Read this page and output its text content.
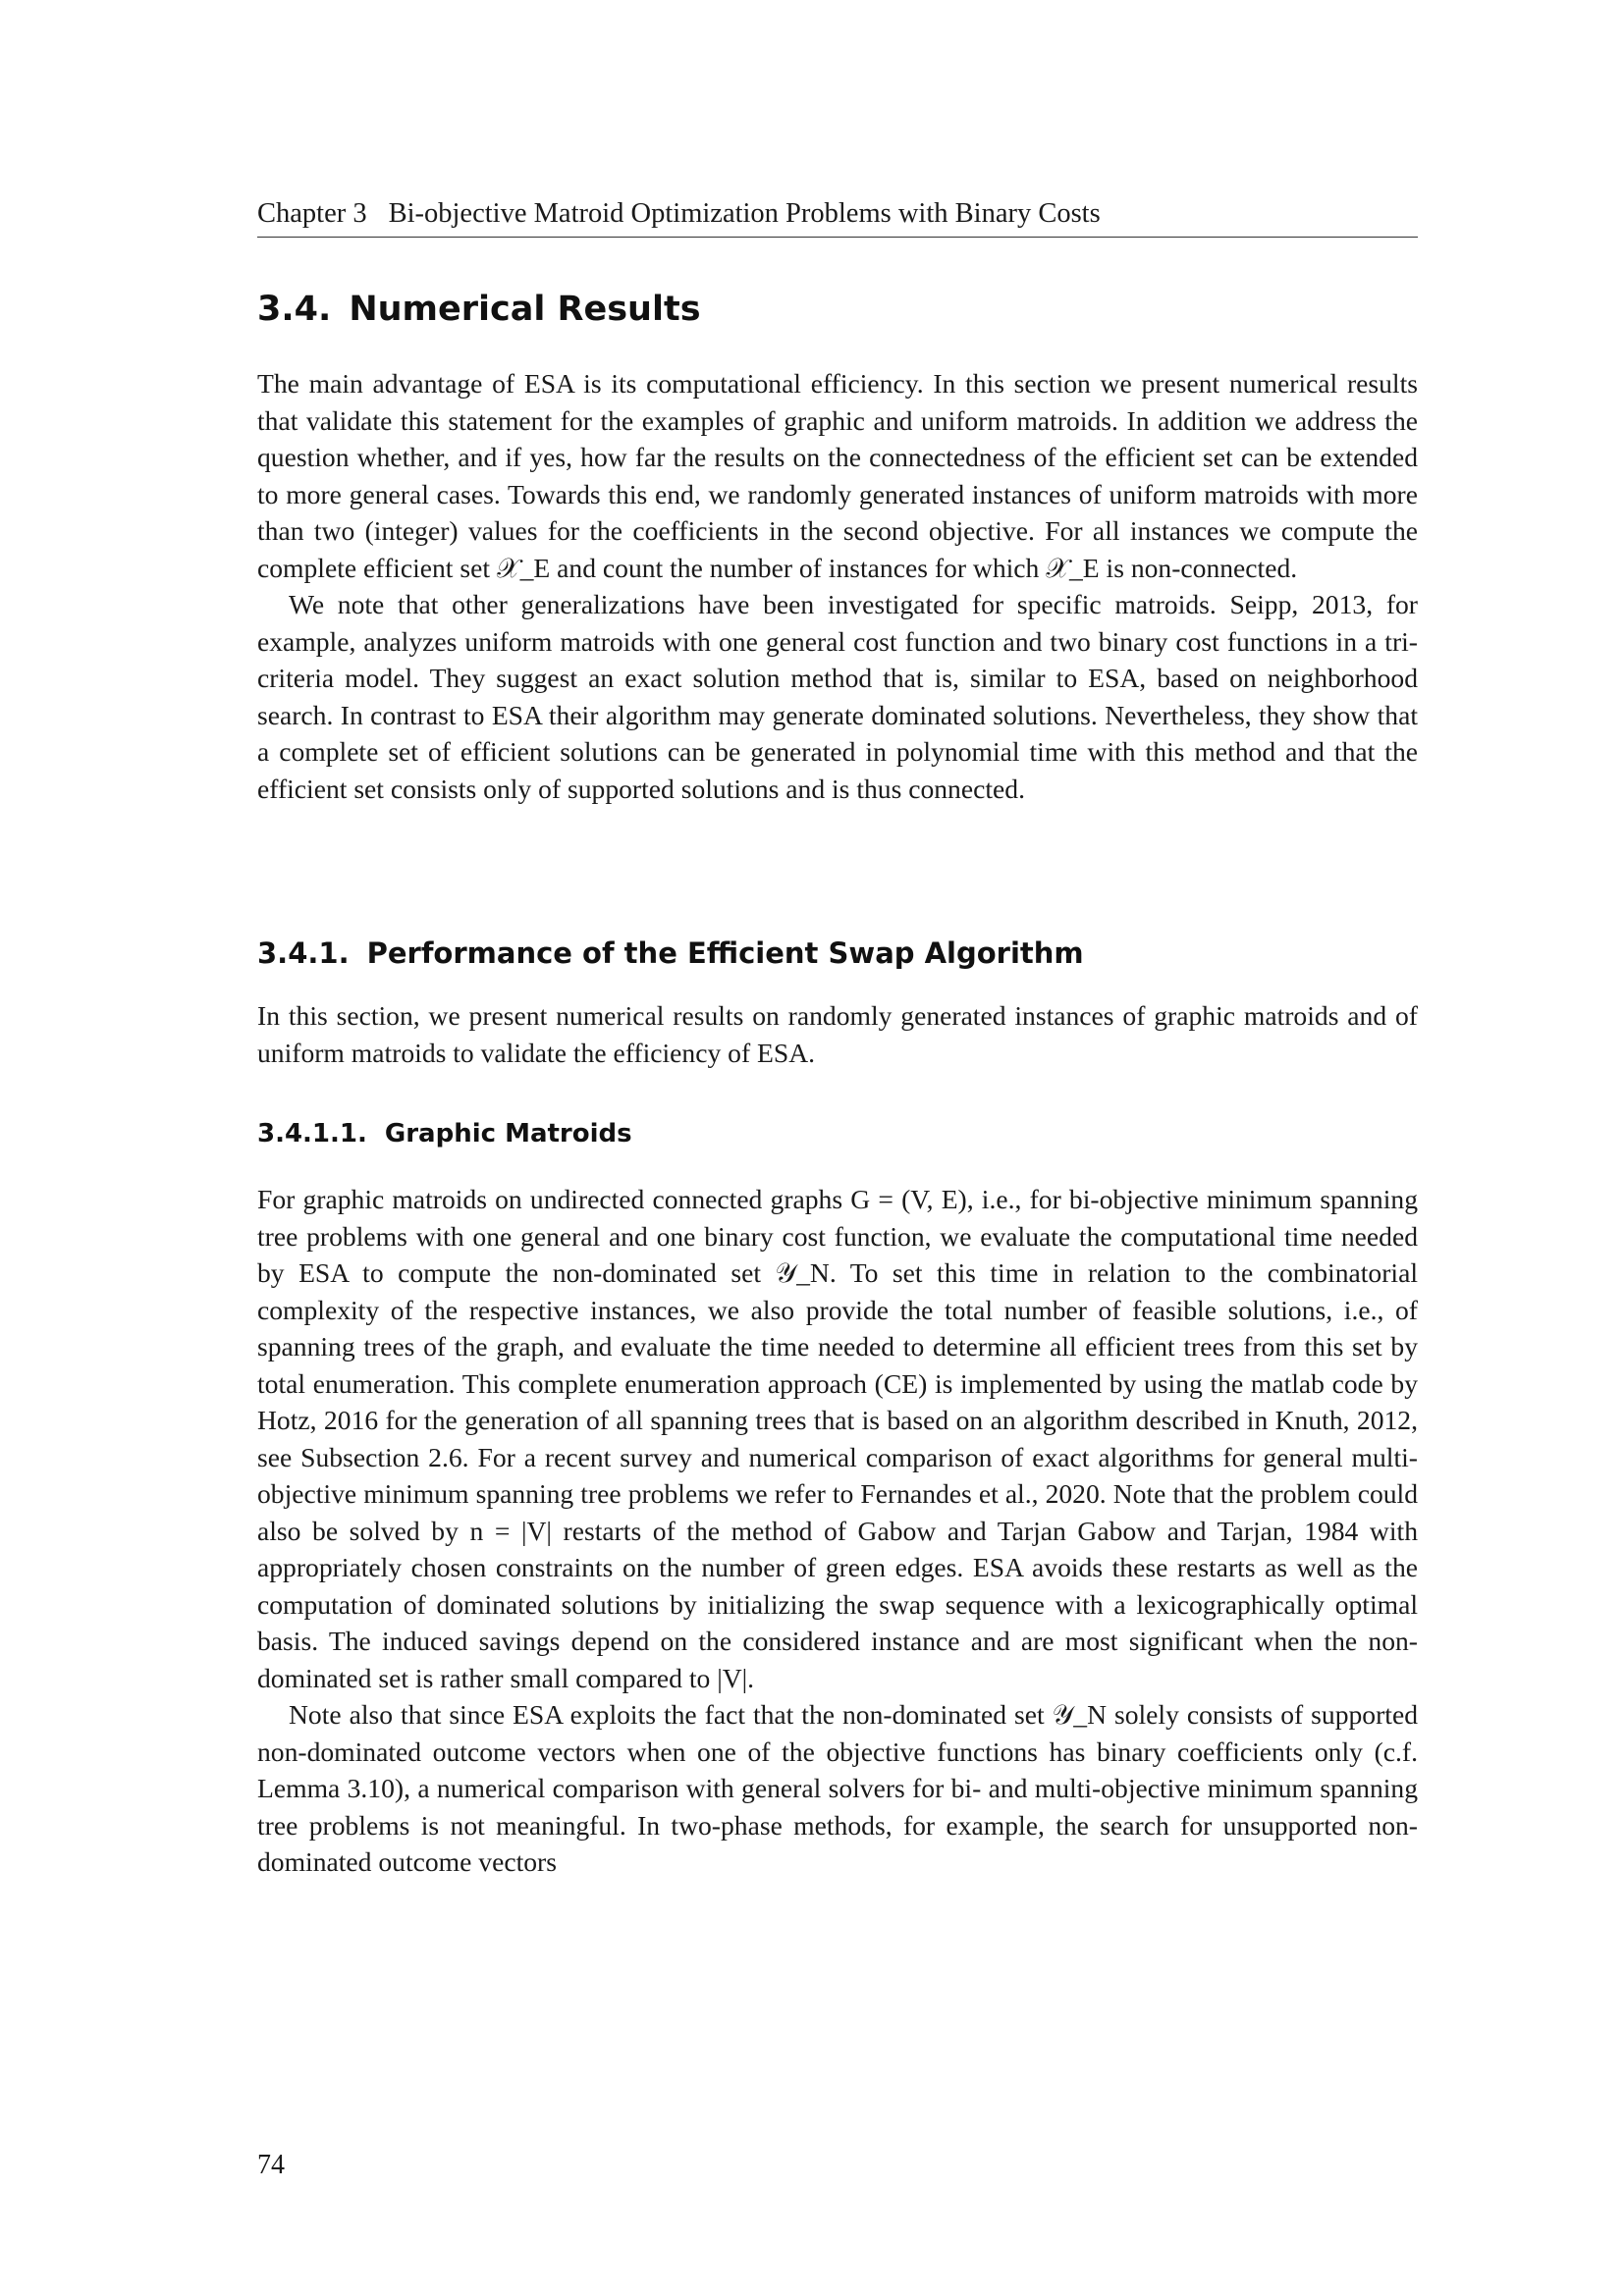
Chapter 3 Bi-objective Matroid Optimization Problems with Binary Costs
3.4. Numerical Results

The main advantage of ESA is its computational efficiency. In this section we present numerical results that validate this statement for the examples of graphic and uniform matroids. In addition we address the question whether, and if yes, how far the results on the connectedness of the efficient set can be extended to more general cases. Towards this end, we randomly generated instances of uniform matroids with more than two (integer) values for the coefficients in the second objective. For all instances we compute the complete efficient set 𝒳_E and count the number of instances for which 𝒳_E is non-connected.

We note that other generalizations have been investigated for specific matroids. Seipp, 2013, for example, analyzes uniform matroids with one general cost function and two binary cost functions in a tri-criteria model. They suggest an exact solution method that is, similar to ESA, based on neighborhood search. In contrast to ESA their algorithm may generate dominated solutions. Nevertheless, they show that a complete set of efficient solutions can be generated in polynomial time with this method and that the efficient set consists only of supported solutions and is thus connected.

3.4.1. Performance of the Efficient Swap Algorithm

In this section, we present numerical results on randomly generated instances of graphic matroids and of uniform matroids to validate the efficiency of ESA.

3.4.1.1. Graphic Matroids

For graphic matroids on undirected connected graphs G = (V, E), i.e., for bi-objective minimum spanning tree problems with one general and one binary cost function, we evaluate the computational time needed by ESA to compute the non-dominated set 𝒴_N. To set this time in relation to the combinatorial complexity of the respective instances, we also provide the total number of feasible solutions, i.e., of spanning trees of the graph, and evaluate the time needed to determine all efficient trees from this set by total enumeration. This complete enumeration approach (CE) is implemented by using the matlab code by Hotz, 2016 for the generation of all spanning trees that is based on an algorithm described in Knuth, 2012, see Subsection 2.6. For a recent survey and numerical comparison of exact algorithms for general multi-objective minimum spanning tree problems we refer to Fernandes et al., 2020. Note that the problem could also be solved by n = |V| restarts of the method of Gabow and Tarjan Gabow and Tarjan, 1984 with appropriately chosen constraints on the number of green edges. ESA avoids these restarts as well as the computation of dominated solutions by initializing the swap sequence with a lexicographically optimal basis. The induced savings depend on the considered instance and are most significant when the non-dominated set is rather small compared to |V|.

Note also that since ESA exploits the fact that the non-dominated set 𝒴_N solely consists of supported non-dominated outcome vectors when one of the objective functions has binary coefficients only (c.f. Lemma 3.10), a numerical comparison with general solvers for bi- and multi-objective minimum spanning tree problems is not meaningful. In two-phase methods, for example, the search for unsupported non-dominated outcome vectors

74
